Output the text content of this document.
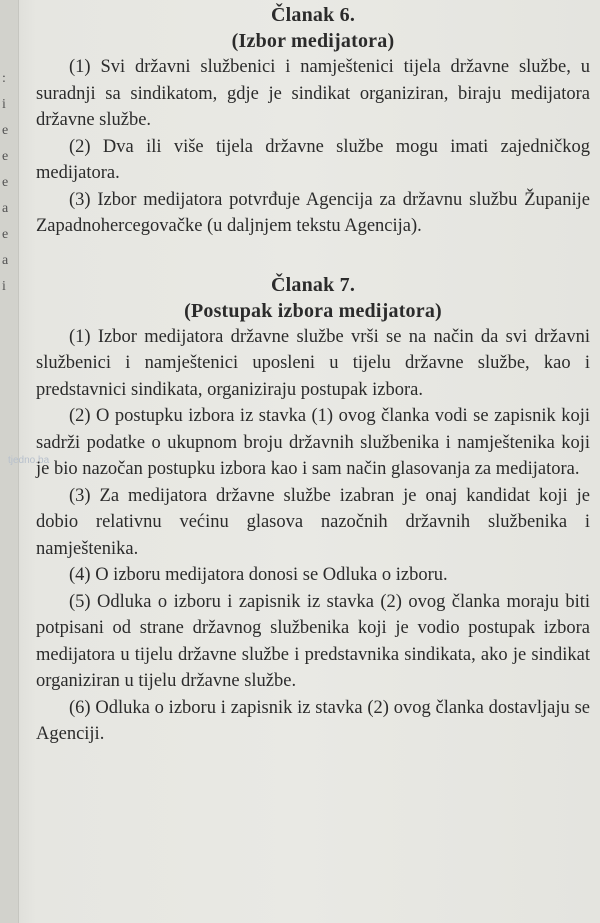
:
i
e
e
e
a
e
a
i
tjedno.ba

Članak 6.

(Izbor medijatora)

(1) Svi državni službenici i namještenici tijela državne službe, u suradnji sa sindikatom, gdje je sindikat organiziran, biraju medijatora državne službe.

(2) Dva ili više tijela državne službe mogu imati zajedničkog medijatora.

(3) Izbor medijatora potvrđuje Agencija za državnu službu Županije Zapadnohercegovačke (u daljnjem tekstu Agencija).

Članak 7.

(Postupak izbora medijatora)

(1) Izbor medijatora državne službe vrši se na način da svi državni službenici i namještenici uposleni u tijelu državne službe, kao i predstavnici sindikata, organiziraju postupak izbora.

(2) O postupku izbora iz stavka (1) ovog članka vodi se zapisnik koji sadrži podatke o ukupnom broju državnih službenika i namještenika koji je bio nazočan postupku izbora kao i sam način glasovanja za medijatora.

(3) Za medijatora državne službe izabran je onaj kandidat koji je dobio relativnu većinu glasova nazočnih državnih službenika i namještenika.

(4) O izboru medijatora donosi se Odluka o izboru.

(5) Odluka o izboru i zapisnik iz stavka (2) ovog članka moraju biti potpisani od strane državnog službenika koji je vodio postupak izbora medijatora u tijelu državne službe i predstavnika sindikata, ako je sindikat organiziran u tijelu državne službe.

(6) Odluka o izboru i zapisnik iz stavka (2) ovog članka dostavljaju se Agenciji.
